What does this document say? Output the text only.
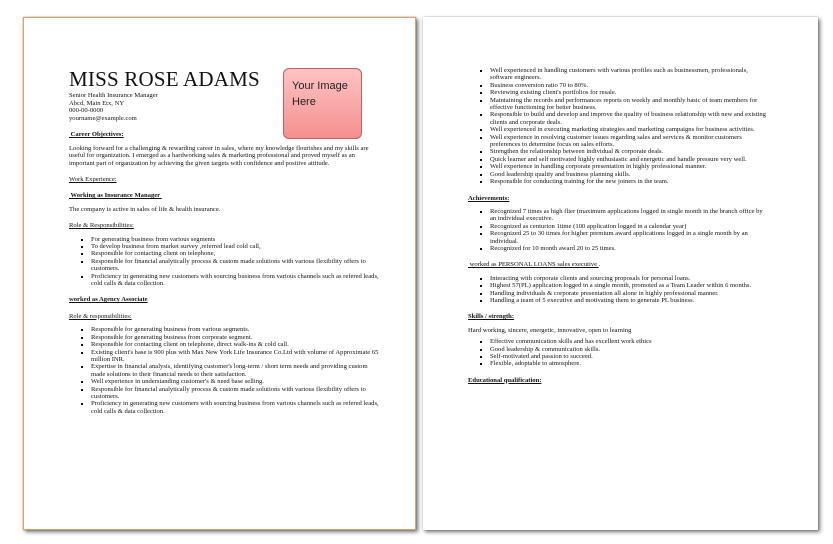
Your Image Here
MISS ROSE ADAMS
Senior Health Insurance Manager
Abcd, Main Etx, NY
000-00-0000
yourname@example.com
Career Objectives:

Looking forward for a challenging & rewarding career in sales, where my knowledge flourishes and my skills are useful for organization. I emerged as a hardworking sales & marketing professional and proved myself as an important part of organization by achieving the given targets with confidence and positive attitude.

Work Experience:
Working as Insurance Manager

The company is active in sales of life & health insurance.

Role & Responsibilities:
▪ For generating business from various segments
▪ To develop business from market survey ,referred lead cold call,
▪ Responsible for contacting client on telephone,
▪ Responsible for financial analytically process & custom made solutions with various flexibility offers to customers.
▪ Proficiency in generating new customers with sourcing business from various channels such as refered leads, cold calls & data collection.
worked as Agency Associate
Role & responsibilities:
▪ Responsible for generating business from various segments.
▪ Responsible for generating business from corporate segment.
▪ Responsible for contacting client on telephone, direct walk-ins & cold call.
▪ Existing client's base is 900 plus with Max New York Life Insurance Co.Ltd with volume of Approximate 65 million INR.
▪ Expertise in financial analysis, identifying customer's long-term / short term needs and providing custom made solutions to their financial needs to their satisfaction.
▪ Well experience in understanding customer's & need base selling.
▪ Responsible for financial analytically process & custom made solutions with various flexibility offers to customers.
▪ Proficiency in generating new customers with sourcing business from various channels such as refered leads, cold calls & data collection.
▪ Well experienced in handling customers with various profiles such as businessmen, professionals, software engineers.
▪ Business conversion ratio 70 to 80%.
▪ Reviewing existing client's portfolios for resale.
▪ Maintaining the records and performances reports on weekly and monthly basic of team members for effective functioning for better business.
▪ Responsible to build and develop and improve the quality of business relationship with new and existing clients and corporate deals.
▪ Well experienced in executing marketing strategies and marketing campaigns for business activities.
▪ Well experience in resolving customer issues regarding sales and services & monitor customers preferences to determine focus on sales efforts.
▪ Strengthen the relationship between individual & corporate deals.
▪ Quick learner and self motivated highly enthusiastic and energetic and handle pressure very well.
▪ Well experience in handling corporate presentation in highly professional manner.
▪ Good leadership quality and business planning skills.
▪ Responsible for conducting training for the new joiners in the team.
Achievements:
▪ Recognized 7 times as high flier (maximum applications logged in single month in the branch office by an individual executive.
▪ Recognized as centurion 1time (100 application logged in a calendar year)
▪ Recognized 25 to 30 times for higher premium award applications logged in a single month by an individual.
▪ Recognized for 10 month award 20 to 25 times.
worked as PERSONAL LOANS sales executive .
▪ Interacting with corporate clients and sourcing proposals for personal loans.
▪ Highest 57(PL) application logged in a single month, promoted as a Team Leader within 6 months.
▪ Handling individuals & corporate presentation all alone in highly professional manner.
▪ Handling a team of 5 executive and motivating them to generate PL business.
Skills / strength:

Hard working, sincere, energetic, innovative, open to learning

▪ Effective communication skills and has excellent work ethics
▪ Good leadership & communication skills.
▪ Self-motivated and passion to succeed.
▪ Flexible, adoptable to atmosphere.
Educational qualification:
